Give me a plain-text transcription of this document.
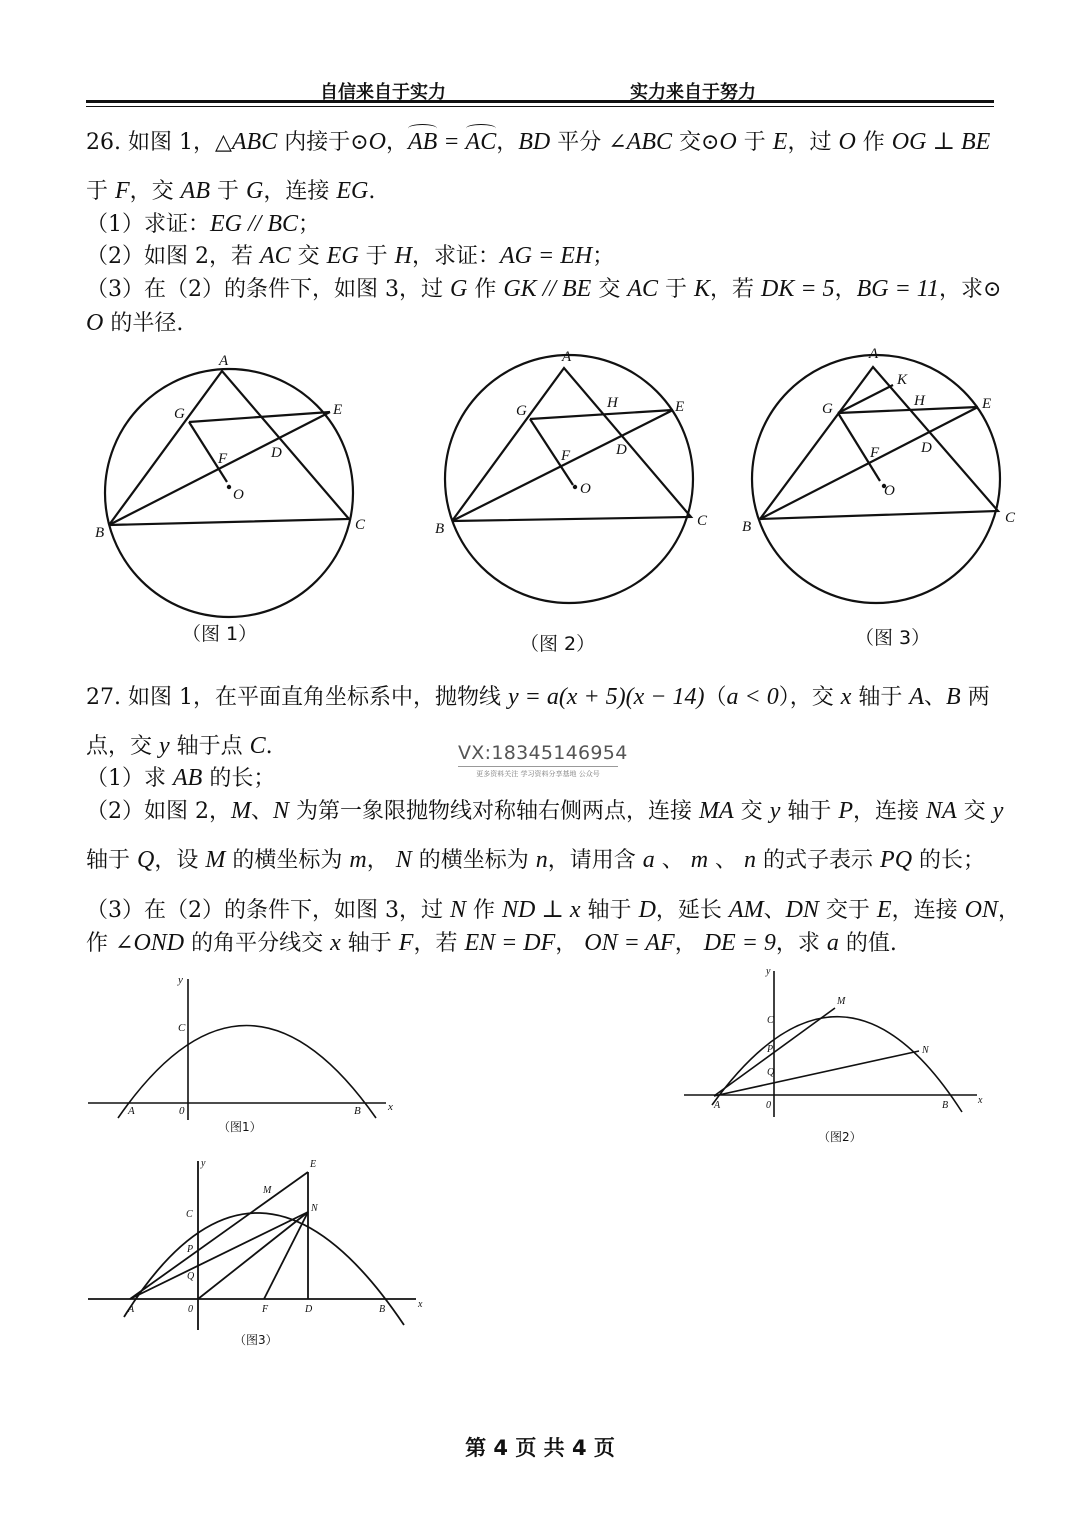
自信来自于实力	实力来自于努力
26. 如图 1，△ABC 内接于⊙O，AB = AC，BD 平分 ∠ABC 交⊙O 于 E，过 O 作 OG ⊥ BE
于 F，交 AB 于 G，连接 EG.
（1）求证：EG // BC；
（2）如图 2，若 AC 交 EG 于 H，求证：AG = EH；
（3）在（2）的条件下，如图 3，过 G 作 GK // BE 交 AC 于 K，若 DK = 5，BG = 11，求⊙
O 的半径.
A
B	C
E
G
F	D
O
（图 1）
A
B	C
E
G	H
F	D
O
（图 2）
A
B
C
E
G
K
H
F	D
O
（图 3）
27. 如图 1，在平面直角坐标系中，抛物线 y = a(x + 5)(x − 14)（a < 0），交 x 轴于 A、B 两
点，交 y 轴于点 C.
（1）求 AB 的长；
（2）如图 2，M、N 为第一象限抛物线对称轴右侧两点，连接 MA 交 y 轴于 P，连接 NA 交 y
轴于 Q，设 M 的横坐标为 m， N 的横坐标为 n，请用含 a 、 m 、 n 的式子表示 PQ 的长；
（3）在（2）的条件下，如图 3，过 N 作 ND ⊥ x 轴于 D，延长 AM、DN 交于 E，连接 ON，
作 ∠OND 的角平分线交 x 轴于 F，若 EN = DF， ON = AF， DE = 9，求 a 的值.
VX:18345146954
更多资料关注 学习资料分享基地 公众号
y
x
C
A	0	B
（图1）
y
x
C
P
Q
M
N
A	0	B
（图2）
y
x
E
M
N
C
P
Q
A	0	F	D	B
（图3）
第 4 页 共 4 页
